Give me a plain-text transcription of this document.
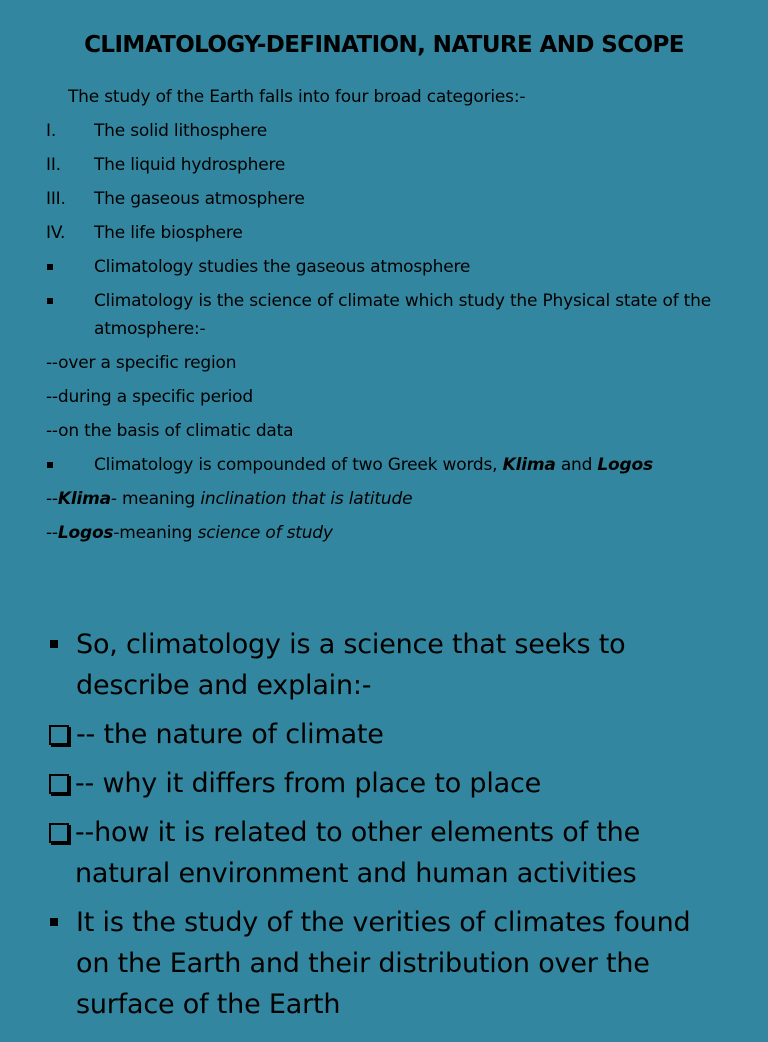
CLIMATOLOGY-DEFINATION, NATURE AND SCOPE
The study of the Earth falls into four broad categories:-
I. The solid lithosphere
II. The liquid hydrosphere
III. The gaseous atmosphere
IV. The life biosphere
Climatology studies the gaseous atmosphere
Climatology is the science of climate which study the Physical state of the atmosphere:-
--over a specific region
--during a specific period
--on the basis of climatic data
Climatology is compounded of two Greek words, Klima and Logos
--Klima- meaning inclination that is latitude
--Logos-meaning science of study
So, climatology is a science that seeks to describe and explain:-
-- the nature of climate
-- why it differs from place to place
--how it is related to other elements of the natural environment and human activities
It is the study of the verities of climates found on the Earth and their distribution over the surface of the Earth
